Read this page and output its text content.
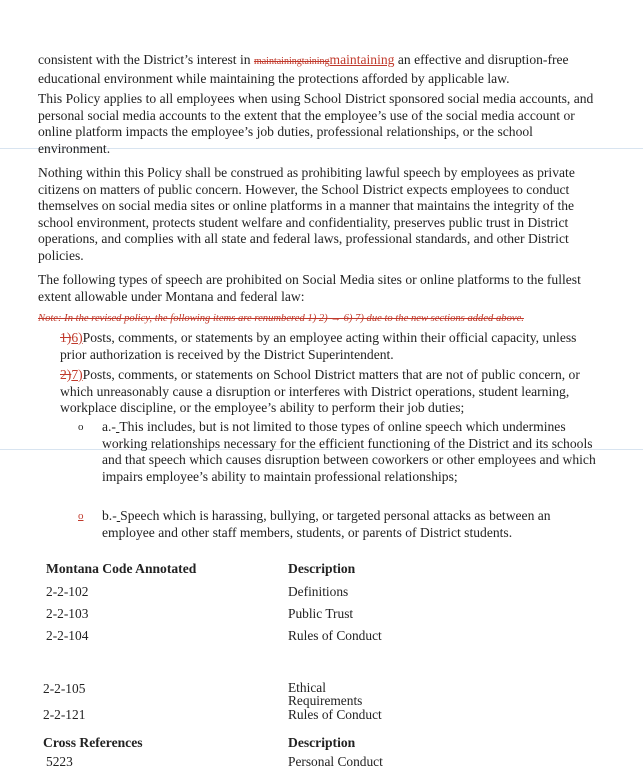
consistent with the District’s interest in maintainingtainingmaintaining an effective and disruption-free educational environment while maintaining the protections afforded by applicable law.

This Policy applies to all employees when using School District sponsored social media accounts, and personal social media accounts to the extent that the employee’s use of the social media account or online platform impacts the employee’s job duties, professional relationships, or the school environment.

Nothing within this Policy shall be construed as prohibiting lawful speech by employees as private citizens on matters of public concern. However, the School District expects employees to conduct themselves on social media sites or online platforms in a manner that maintains the integrity of the school environment, protects student welfare and confidentiality, preserves public trust in District operations, and complies with all state and federal laws, professional standards, and other District policies.

The following types of speech are prohibited on Social Media sites or online platforms to the fullest extent allowable under Montana and federal law:

Note: In the revised policy, the following items are renumbered 1) 2) → 6) 7) due to the new sections added above.

1)6)Posts, comments, or statements by an employee acting within their official capacity, unless prior authorization is received by the District Superintendent.

2)7)Posts, comments, or statements on School District matters that are not of public concern, or which unreasonably cause a disruption or interferes with District operations, student learning, workplace discipline, or the employee’s ability to perform their job duties;

o	a.- This includes, but is not limited to those types of online speech which undermines working relationships necessary for the efficient functioning of the District and its schools and that speech which causes disruption between coworkers or other employees and which impairs employee’s ability to maintain professional relationships;
o	b.- Speech which is harassing, bullying, or targeted personal attacks as between an employee and other staff members, students, or parents of District students.
Montana Code Annotated	Description
2-2-102	Definitions
2-2-103	Public Trust
2-2-104	Rules of Conduct
2-2-105	Ethical Requirements
2-2-121	Rules of Conduct
Cross References	Description
5223	Personal Conduct
